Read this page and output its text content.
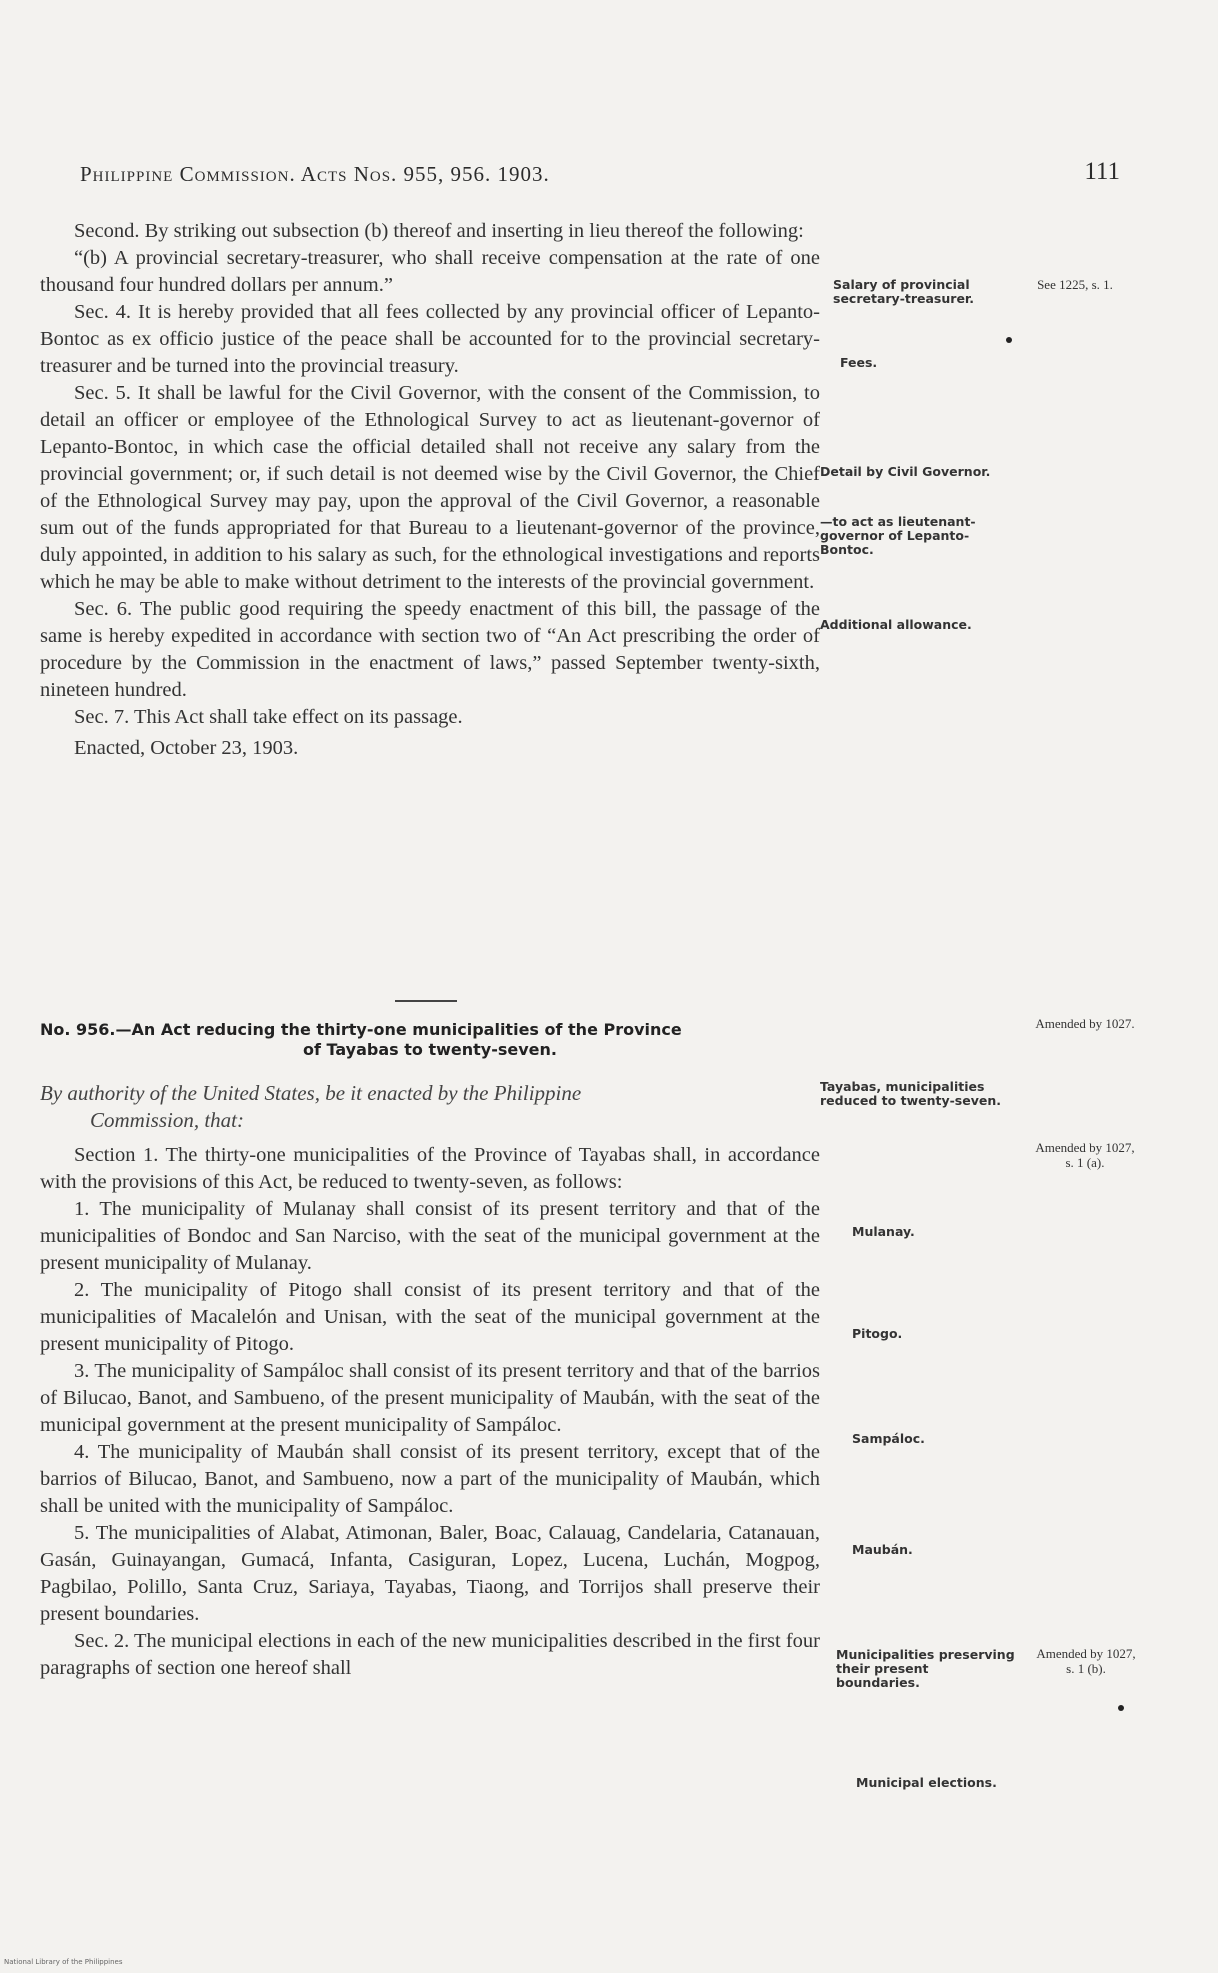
Philippine Commission. Acts Nos. 955, 956. 1903.	111

Second. By striking out subsection (b) thereof and inserting in lieu thereof the following:

“(b) A provincial secretary-treasurer, who shall receive compensation at the rate of one thousand four hundred dollars per annum.”

Sec. 4. It is hereby provided that all fees collected by any provincial officer of Lepanto-Bontoc as ex officio justice of the peace shall be accounted for to the provincial secretary-treasurer and be turned into the provincial treasury.

Sec. 5. It shall be lawful for the Civil Governor, with the consent of the Commission, to detail an officer or employee of the Ethnological Survey to act as lieutenant-governor of Lepanto-Bontoc, in which case the official detailed shall not receive any salary from the provincial government; or, if such detail is not deemed wise by the Civil Governor, the Chief of the Ethnological Survey may pay, upon the approval of the Civil Governor, a reasonable sum out of the funds appropriated for that Bureau to a lieutenant-governor of the province, duly appointed, in addition to his salary as such, for the ethnological investigations and reports which he may be able to make without detriment to the interests of the provincial government.

Sec. 6. The public good requiring the speedy enactment of this bill, the passage of the same is hereby expedited in accordance with section two of “An Act prescribing the order of procedure by the Commission in the enactment of laws,” passed September twenty-sixth, nineteen hundred.

Sec. 7. This Act shall take effect on its passage.

Enacted, October 23, 1903.

Salary of provincial secretary-treasurer.
Fees.
Detail by Civil Governor.
—to act as lieutenant-governor of Lepanto-Bontoc.
Additional allowance.
See 1225, s. 1.
No. 956.—An Act reducing the thirty-one municipalities of the Province
of Tayabas to twenty-seven.
Amended by 1027.
By authority of the United States, be it enacted by the Philippine
Commission, that:
Tayabas, municipalities reduced to twenty-seven.

Section 1. The thirty-one municipalities of the Province of Tayabas shall, in accordance with the provisions of this Act, be reduced to twenty-seven, as follows:

1. The municipality of Mulanay shall consist of its present territory and that of the municipalities of Bondoc and San Narciso, with the seat of the municipal government at the present municipality of Mulanay.

2. The municipality of Pitogo shall consist of its present territory and that of the municipalities of Macalelón and Unisan, with the seat of the municipal government at the present municipality of Pitogo.

3. The municipality of Sampáloc shall consist of its present territory and that of the barrios of Bilucao, Banot, and Sambueno, of the present municipality of Maubán, with the seat of the municipal government at the present municipality of Sampáloc.

4. The municipality of Maubán shall consist of its present territory, except that of the barrios of Bilucao, Banot, and Sambueno, now a part of the municipality of Maubán, which shall be united with the municipality of Sampáloc.

5. The municipalities of Alabat, Atimonan, Baler, Boac, Calauag, Candelaria, Catanauan, Gasán, Guinayangan, Gumacá, Infanta, Casiguran, Lopez, Lucena, Luchán, Mogpog, Pagbilao, Polillo, Santa Cruz, Sariaya, Tayabas, Tiaong, and Torrijos shall preserve their present boundaries.

Sec. 2. The municipal elections in each of the new municipalities described in the first four paragraphs of section one hereof shall

Amended by 1027, s. 1 (a).
Mulanay.
Pitogo.
Sampáloc.
Maubán.
Municipalities preserving their present boundaries.
Municipal elections.
Amended by 1027, s. 1 (b).
National Library of the Philippines
